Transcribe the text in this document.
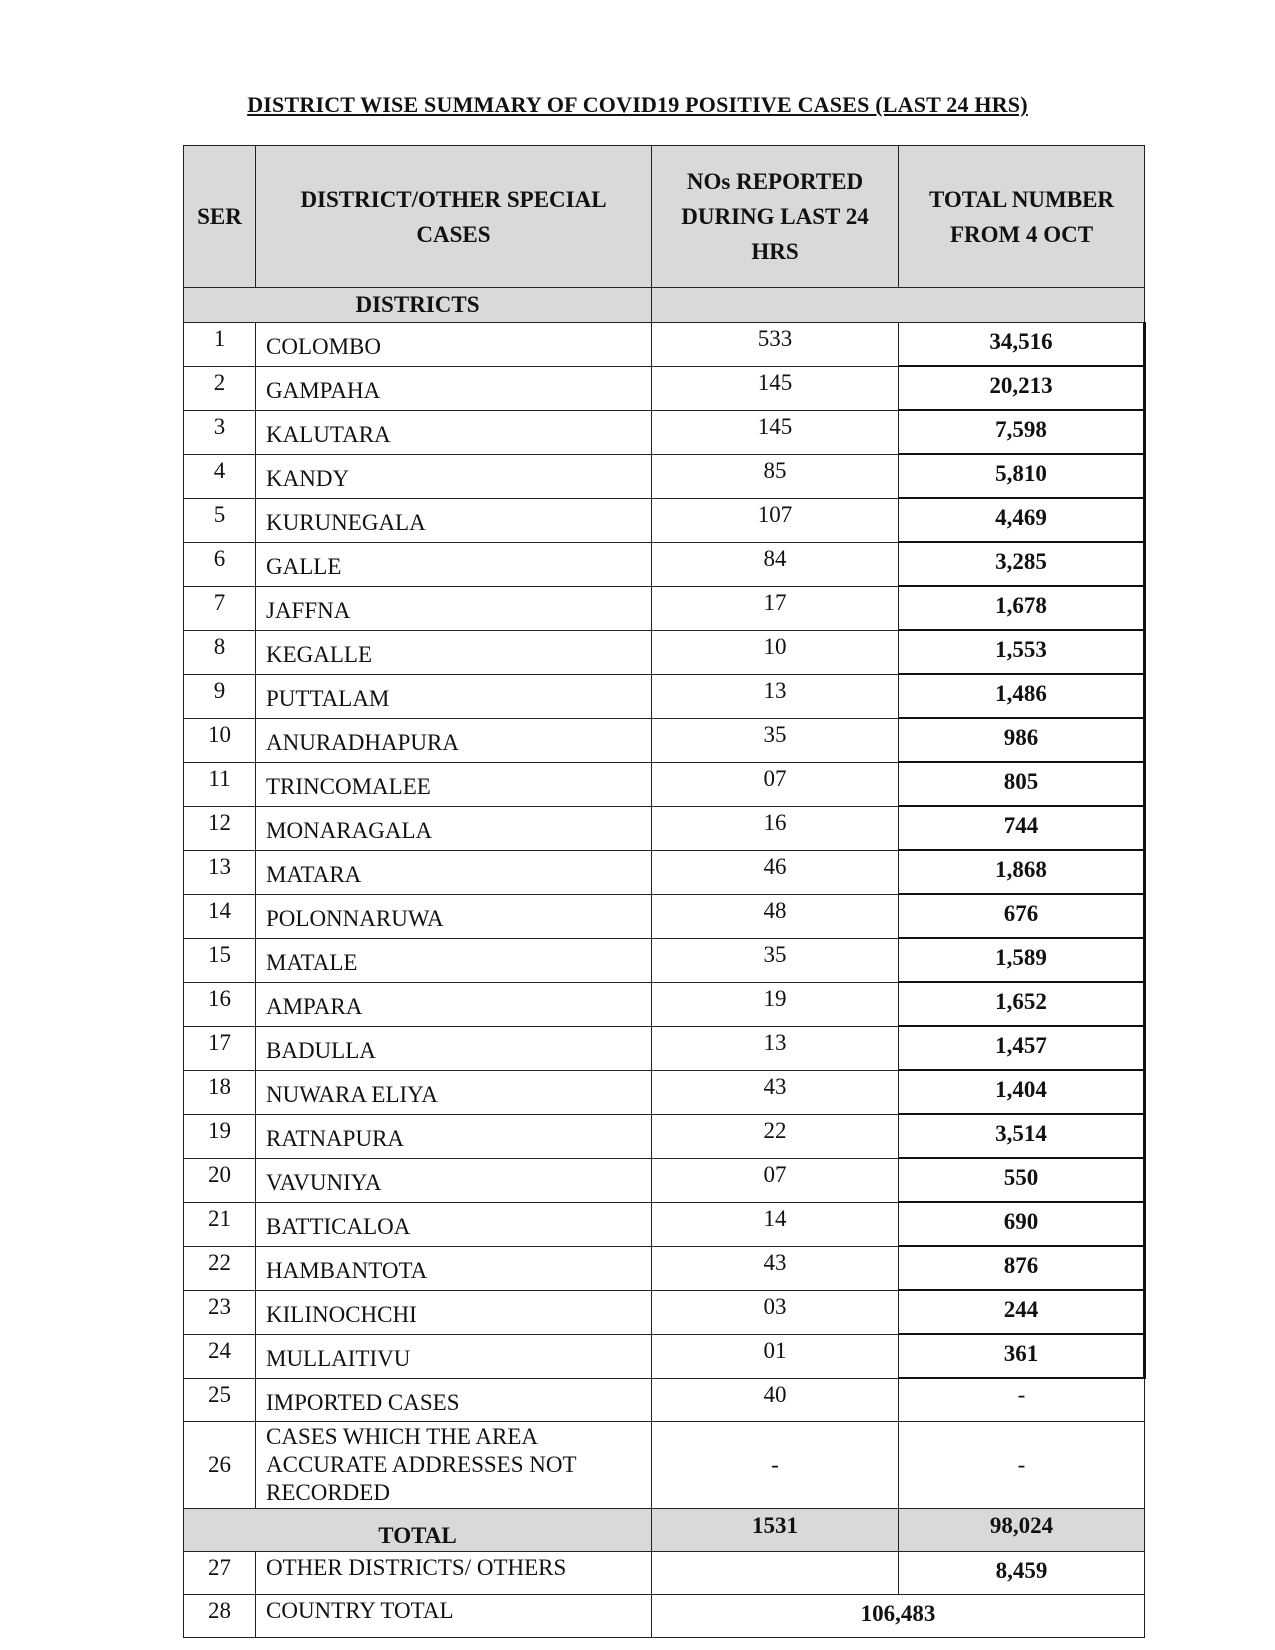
DISTRICT WISE SUMMARY OF COVID19 POSITIVE CASES (LAST 24 HRS)
SER	DISTRICT/OTHER SPECIAL CASES	NOs REPORTED DURING LAST 24 HRS	TOTAL NUMBER FROM 4 OCT
DISTRICTS			
1	COLOMBO	533	34,516
2	GAMPAHA	145	20,213
3	KALUTARA	145	7,598
4	KANDY	85	5,810
5	KURUNEGALA	107	4,469
6	GALLE	84	3,285
7	JAFFNA	17	1,678
8	KEGALLE	10	1,553
9	PUTTALAM	13	1,486
10	ANURADHAPURA	35	986
11	TRINCOMALEE	07	805
12	MONARAGALA	16	744
13	MATARA	46	1,868
14	POLONNARUWA	48	676
15	MATALE	35	1,589
16	AMPARA	19	1,652
17	BADULLA	13	1,457
18	NUWARA ELIYA	43	1,404
19	RATNAPURA	22	3,514
20	VAVUNIYA	07	550
21	BATTICALOA	14	690
22	HAMBANTOTA	43	876
23	KILINOCHCHI	03	244
24	MULLAITIVU	01	361
25	IMPORTED CASES	40	-
26	CASES WHICH THE AREA ACCURATE ADDRESSES NOT RECORDED	-	-
TOTAL		1531	98,024
27	OTHER DISTRICTS/ OTHERS		8,459
28	COUNTRY TOTAL	106,483	
